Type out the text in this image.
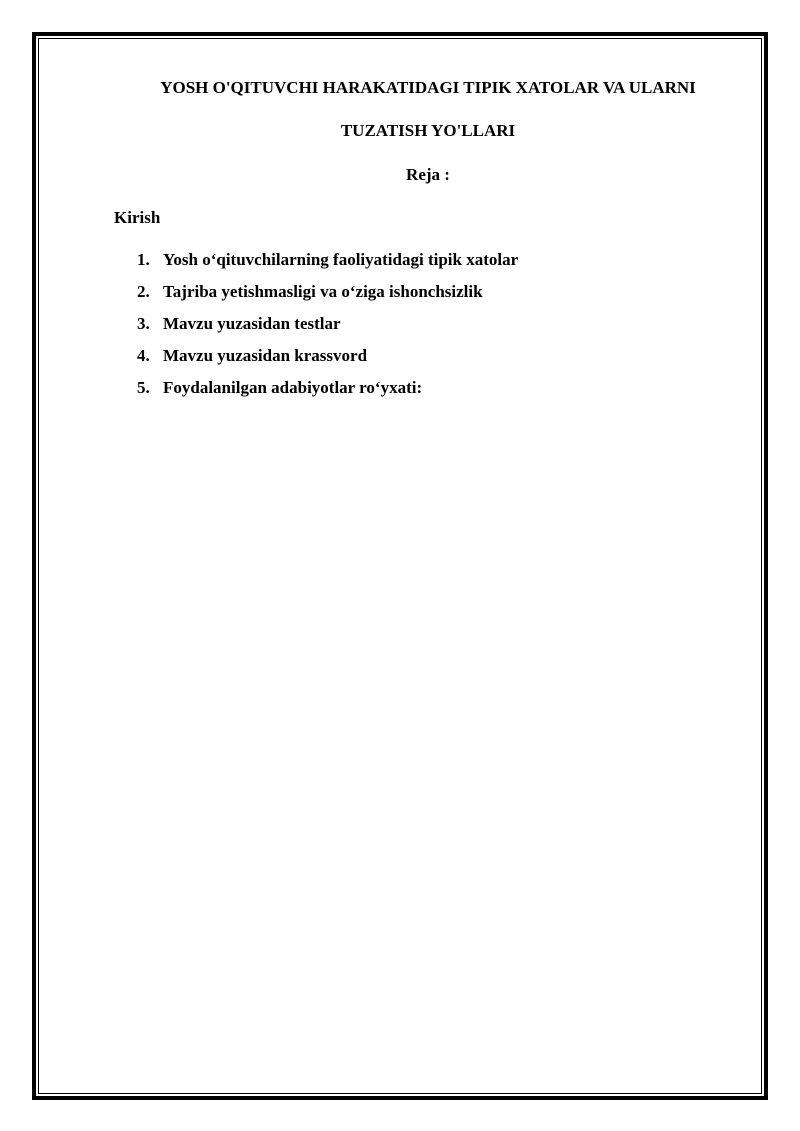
YOSH O'QITUVCHI HARAKATIDAGI TIPIK XATOLAR VA ULARNI
TUZATISH YO'LLARI
Reja :
Kirish
1. Yosh o‘qituvchilarning faoliyatidagi tipik xatolar
2. Tajriba yetishmasligi va o‘ziga ishonchsizlik
3. Mavzu yuzasidan testlar
4. Mavzu yuzasidan krassvord
5. Foydalanilgan adabiyotlar ro‘yxati:
